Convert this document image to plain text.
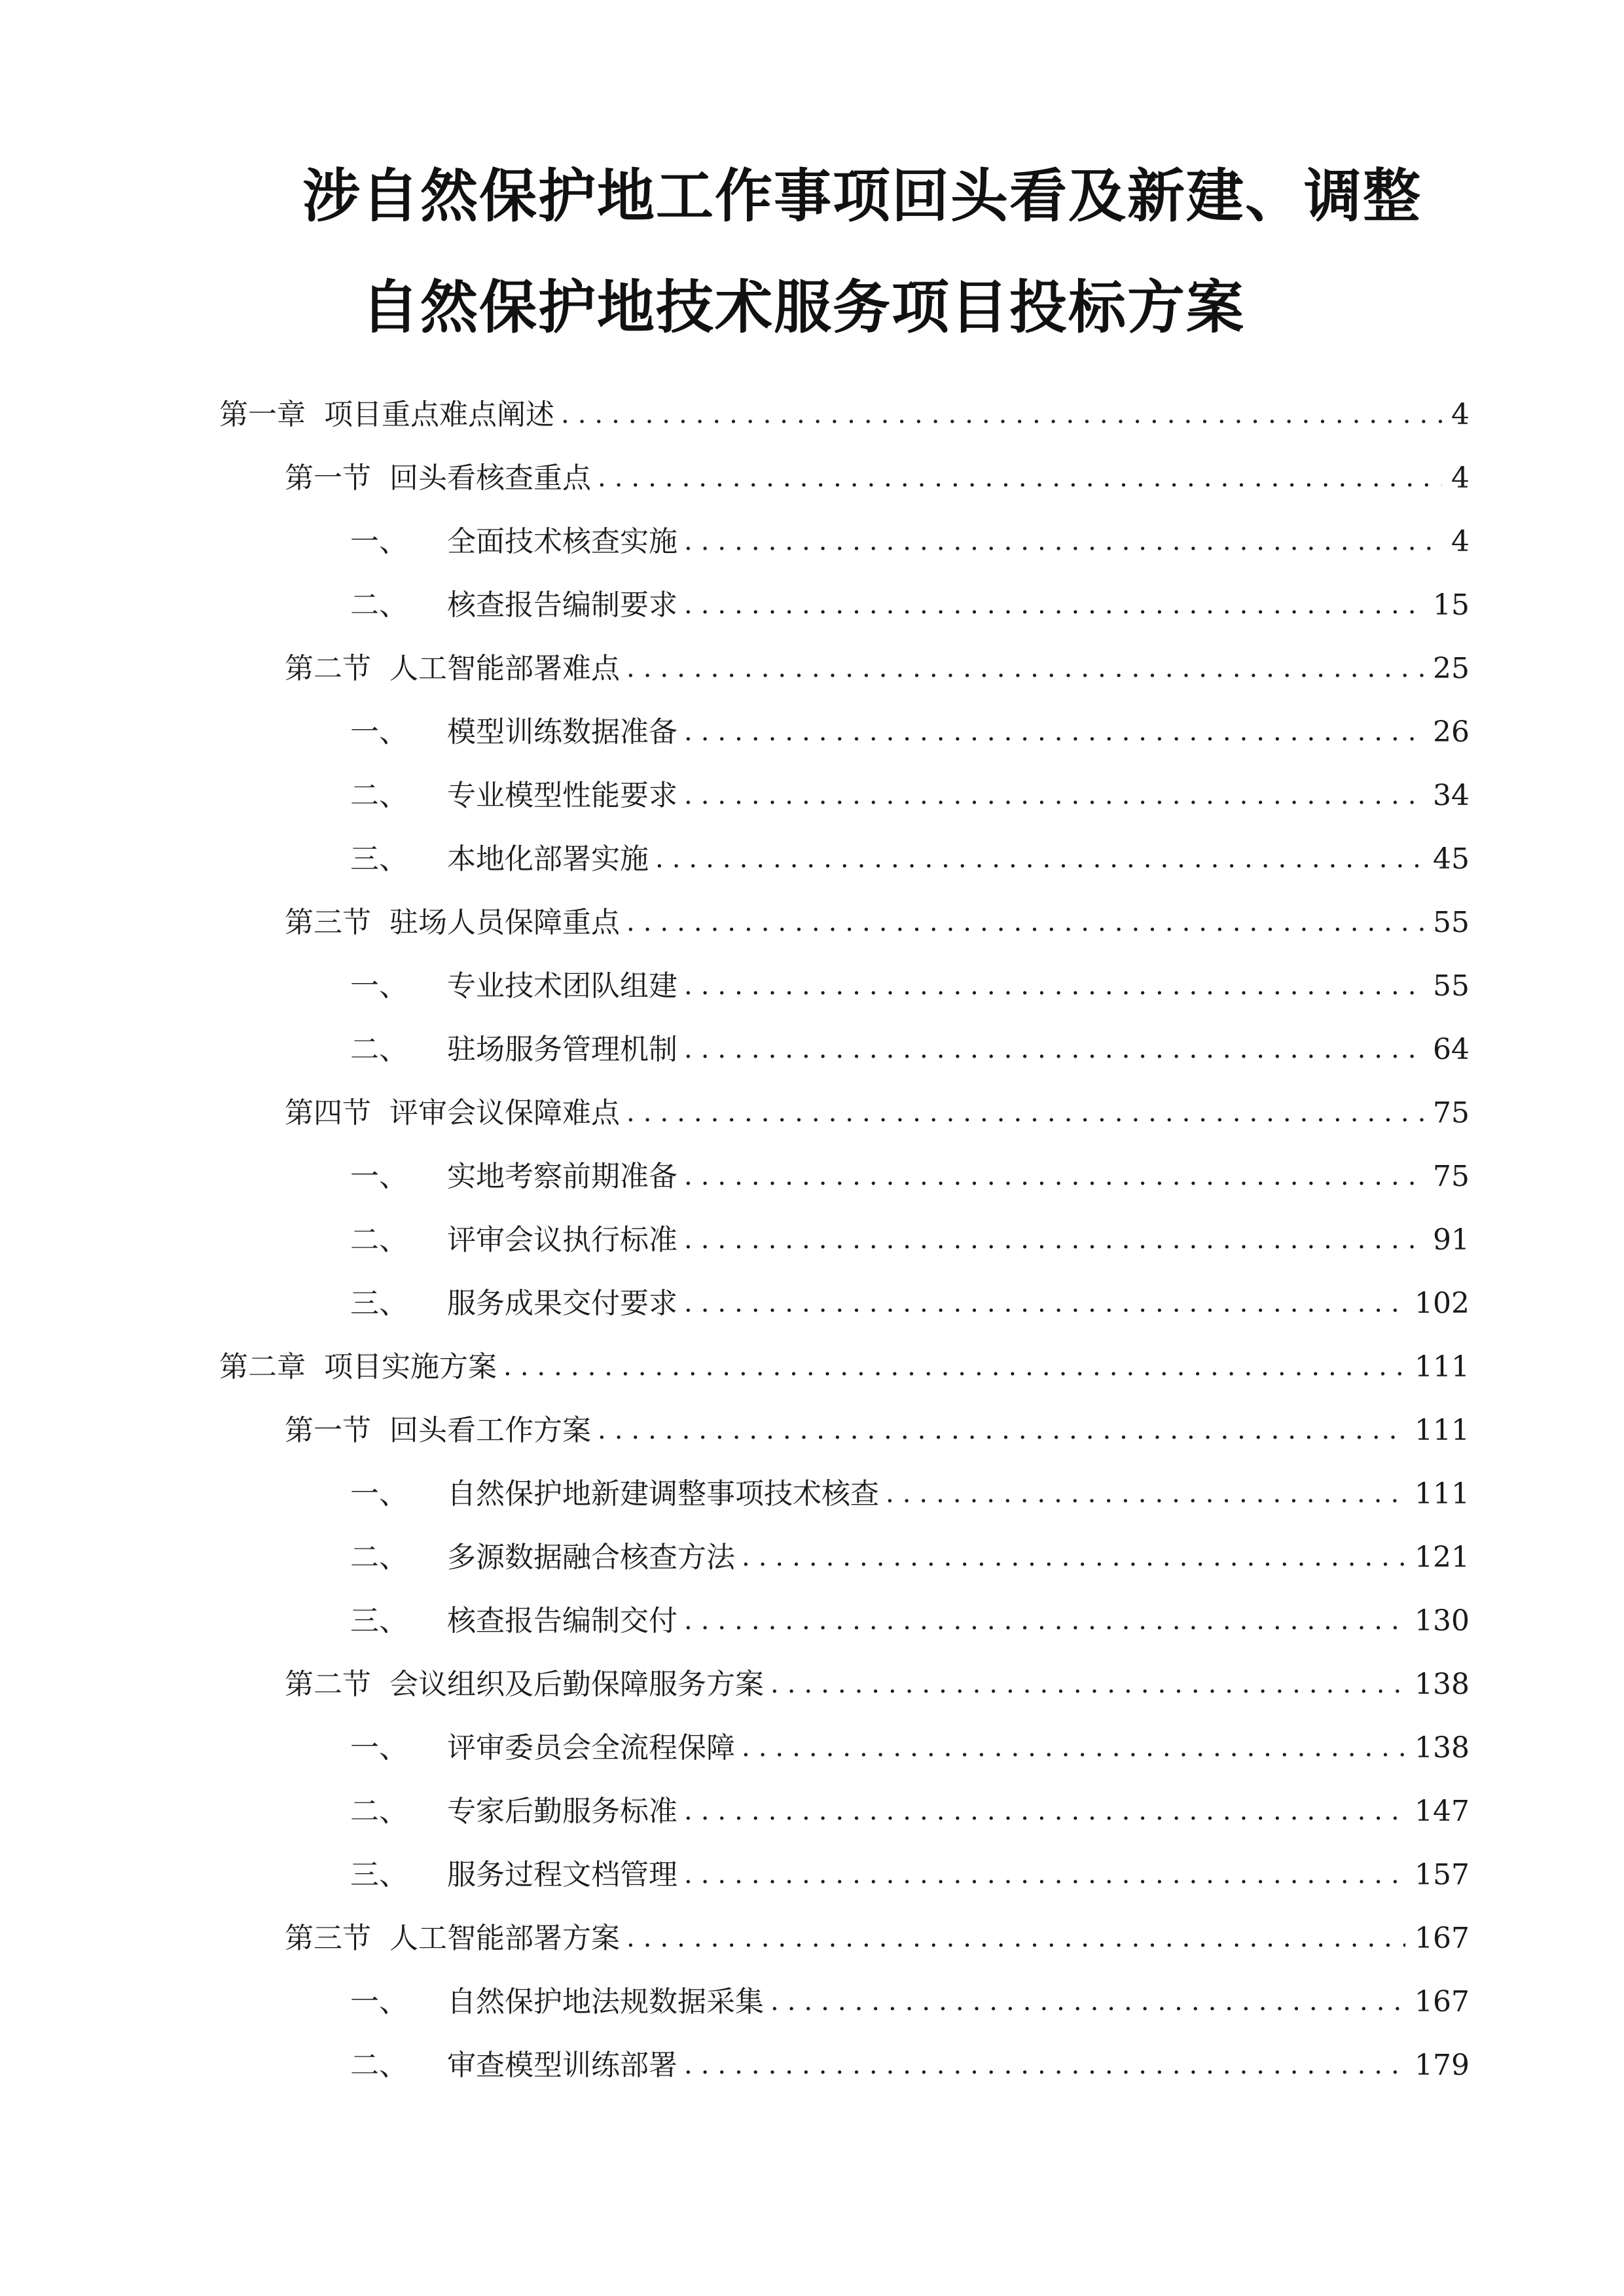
涉自然保护地工作事项回头看及新建、调整
自然保护地技术服务项目投标方案
第一章 项目重点难点阐述 .....	4
第一节 回头看核查重点 .....	4
一、 全面技术核查实施 .....	4
二、 核查报告编制要求 .....	15
第二节 人工智能部署难点 .....	25
一、 模型训练数据准备 .....	26
二、 专业模型性能要求 .....	34
三、 本地化部署实施 .....	45
第三节 驻场人员保障重点 .....	55
一、 专业技术团队组建 .....	55
二、 驻场服务管理机制 .....	64
第四节 评审会议保障难点 .....	75
一、 实地考察前期准备 .....	75
二、 评审会议执行标准 .....	91
三、 服务成果交付要求 .....	102
第二章 项目实施方案 .....	111
第一节 回头看工作方案 .....	111
一、 自然保护地新建调整事项技术核查 .....	111
二、 多源数据融合核查方法 .....	121
三、 核查报告编制交付 .....	130
第二节 会议组织及后勤保障服务方案 .....	138
一、 评审委员会全流程保障 .....	138
二、 专家后勤服务标准 .....	147
三、 服务过程文档管理 .....	157
第三节 人工智能部署方案 .....	167
一、 自然保护地法规数据采集 .....	167
二、 审查模型训练部署 .....	179
